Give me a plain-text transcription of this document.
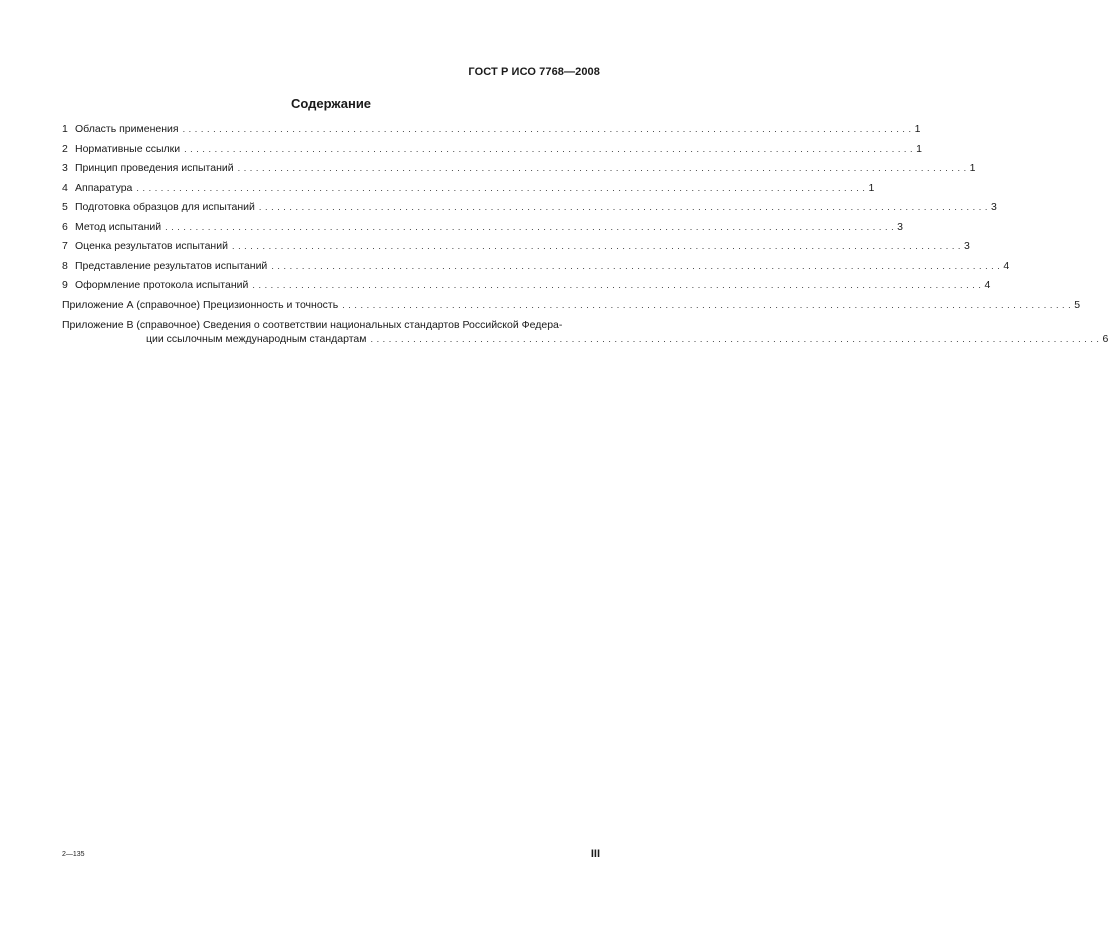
ГОСТ Р ИСО 7768—2008
Содержание
1 Область применения ........................................................................................................................ 1
2 Нормативные ссылки ........................................................................................................................ 1
3 Принцип проведения испытаний ........................................................................................................................ 1
4 Аппаратура ........................................................................................................................ 1
5 Подготовка образцов для испытаний ........................................................................................................................ 3
6 Метод испытаний ........................................................................................................................ 3
7 Оценка результатов испытаний ........................................................................................................................ 3
8 Представление результатов испытаний ........................................................................................................................ 4
9 Оформление протокола испытаний ........................................................................................................................ 4
Приложение А (справочное) Прецизионность и точность ........................................................................................................................ 5
Приложение В (справочное) Сведения о соответствии национальных стандартов Российской Федера-
ции ссылочным международным стандартам ........................................................................................................................ 6
2—135	III
